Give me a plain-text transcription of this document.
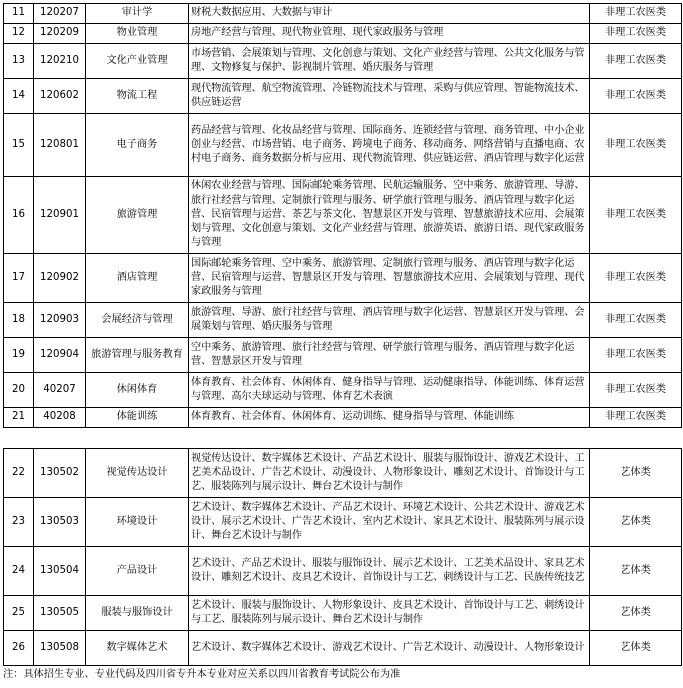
11	120207	审计学	财税大数据应用、大数据与审计	非理工农医类
12	120209	物业管理	房地产经营与管理、现代物业管理、现代家政服务与管理	非理工农医类
13	120210	文化产业管理	市场营销、会展策划与管理、文化创意与策划、文化产业经营与管理、公共文化服务与管理、文物修复与保护、影视制片管理、婚庆服务与管理	非理工农医类
14	120602	物流工程	现代物流管理、航空物流管理、冷链物流技术与管理、采购与供应管理、智能物流技术、供应链运营	非理工农医类
15	120801	电子商务	药品经营与管理、化妆品经营与管理、国际商务、连锁经营与管理、商务管理、中小企业创业与经营、市场营销、电子商务、跨境电子商务、移动商务、网络营销与直播电商、农村电子商务、商务数据分析与应用、现代物流管理、供应链运营、酒店管理与数字化运营	非理工农医类
16	120901	旅游管理	休闲农业经营与管理、国际邮轮乘务管理、民航运输服务、空中乘务、旅游管理、导游、旅行社经营与管理、定制旅行管理与服务、研学旅行管理与服务、酒店管理与数字化运营、民宿管理与运营、茶艺与茶文化、智慧景区开发与管理、智慧旅游技术应用、会展策划与管理、文化创意与策划、文化产业经营与管理、旅游英语、旅游日语、现代家政服务与管理	非理工农医类
17	120902	酒店管理	国际邮轮乘务管理、空中乘务、旅游管理、定制旅行管理与服务、酒店管理与数字化运营、民宿管理与运营、智慧景区开发与管理、智慧旅游技术应用、会展策划与管理、现代家政服务与管理	非理工农医类
18	120903	会展经济与管理	旅游管理、导游、旅行社经营与管理、酒店管理与数字化运营、智慧景区开发与管理、会展策划与管理、婚庆服务与管理	非理工农医类
19	120904	旅游管理与服务教育	空中乘务、旅游管理、旅行社经营与管理、研学旅行管理与服务、酒店管理与数字化运营、智慧景区开发与管理	非理工农医类
20	40207	休闲体育	体育教育、社会体育、休闲体育、健身指导与管理、运动健康指导、体能训练、体育运营与管理、高尔夫球运动与管理、体育艺术表演	非理工农医类
21	40208	体能训练	体育教育、社会体育、休闲体育、运动训练、健身指导与管理、体能训练	非理工农医类
22	130502	视觉传达设计	视觉传达设计、数字媒体艺术设计、产品艺术设计、服装与服饰设计、游戏艺术设计、工艺美术品设计、广告艺术设计、动漫设计、人物形象设计、雕刻艺术设计、首饰设计与工艺、服装陈列与展示设计、舞台艺术设计与制作	艺体类
23	130503	环境设计	艺术设计、数字媒体艺术设计、产品艺术设计、环境艺术设计、公共艺术设计、游戏艺术设计、展示艺术设计、广告艺术设计、室内艺术设计、家具艺术设计、服装陈列与展示设计、舞台艺术设计与制作	艺体类
24	130504	产品设计	艺术设计、产品艺术设计、服装与服饰设计、展示艺术设计、工艺美术品设计、家具艺术设计、雕刻艺术设计、皮具艺术设计、首饰设计与工艺、刺绣设计与工艺、民族传统技艺	艺体类
25	130505	服装与服饰设计	艺术设计、服装与服饰设计、人物形象设计、皮具艺术设计、首饰设计与工艺、刺绣设计与工艺、服装陈列与展示设计、舞台艺术设计与制作	艺体类
26	130508	数字媒体艺术	艺术设计、数字媒体艺术设计、游戏艺术设计、广告艺术设计、动漫设计、人物形象设计	艺体类
注：具体招生专业、专业代码及四川省专升本专业对应关系以四川省教育考试院公布为准
